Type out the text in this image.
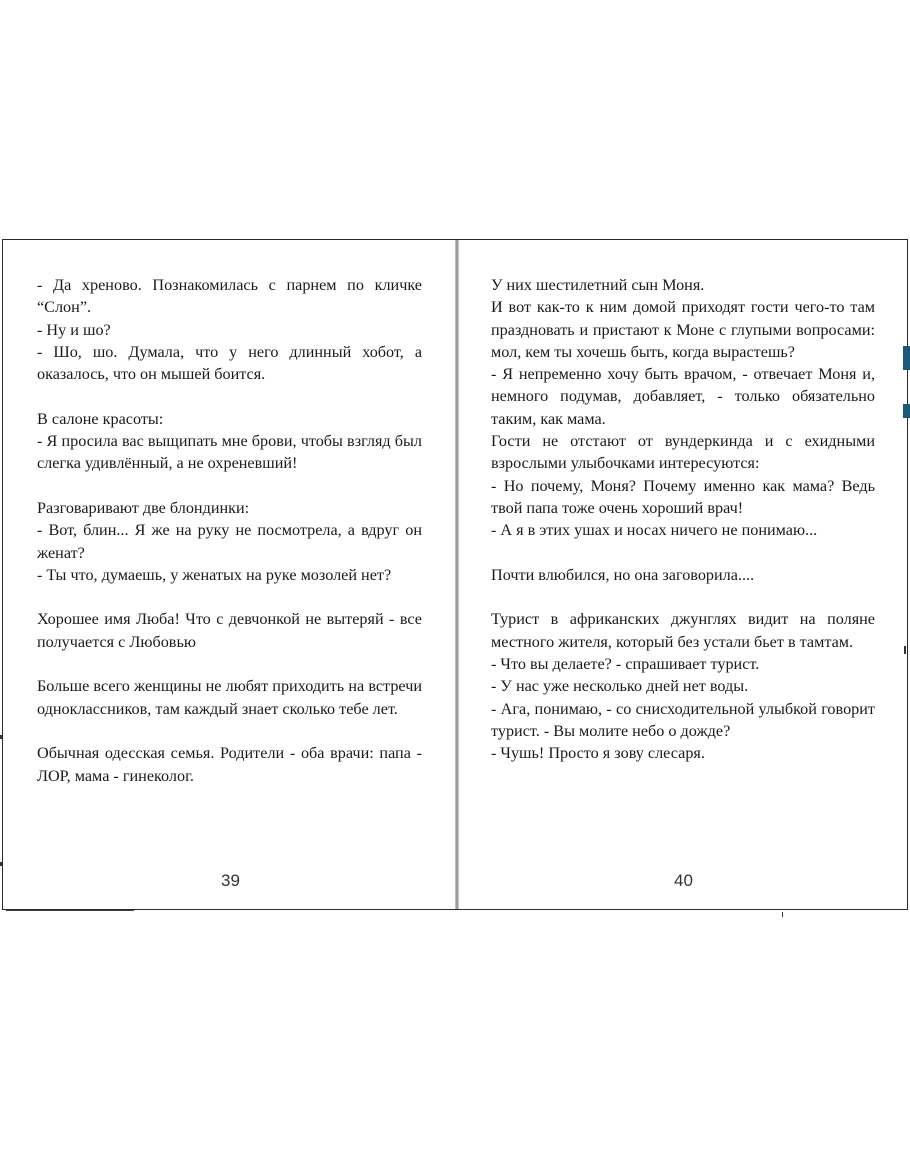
- Да хреново. Познакомилась с парнем по кличке “Слон”.
- Ну и шо?
- Шо, шо. Думала, что у него длинный хобот, а оказалось, что он мышей боится.

В салоне красоты:
- Я просила вас выщипать мне брови, чтобы взгляд был слегка удивлённый, а не охреневший!

Разговаривают две блондинки:
- Вот, блин... Я же на руку не посмотрела, а вдруг он женат?
- Ты что, думаешь, у женатых на руке мозолей нет?

Хорошее имя Люба! Что с девчонкой не вытеряй - все получается с Любовью

Больше всего женщины не любят приходить на встречи одноклассников, там каждый знает сколько тебе лет.

Обычная одесская семья. Родители - оба врачи: папа - ЛОР, мама - гинеколог.

У них шестилетний сын Моня.
И вот как-то к ним домой приходят гости чего-то там праздновать и пристают к Моне с глупыми вопросами: мол, кем ты хочешь быть, когда вырастешь?
- Я непременно хочу быть врачом, - отвечает Моня и, немного подумав, добавляет, - только обязательно таким, как мама.
Гости не отстают от вундеркинда и с ехидными взрослыми улыбочками интересуются:
- Но почему, Моня? Почему именно как мама? Ведь твой папа тоже очень хороший врач!
- А я в этих ушах и носах ничего не понимаю...

Почти влюбился, но она заговорила....

Турист в африканских джунглях видит на поляне местного жителя, который без устали бьет в тамтам.
- Что вы делаете? - спрашивает турист.
- У нас уже несколько дней нет воды.
- Ага, понимаю, - со снисходительной улыбкой говорит турист. - Вы молите небо о дожде?
- Чушь! Просто я зову слесаря.

39	40
